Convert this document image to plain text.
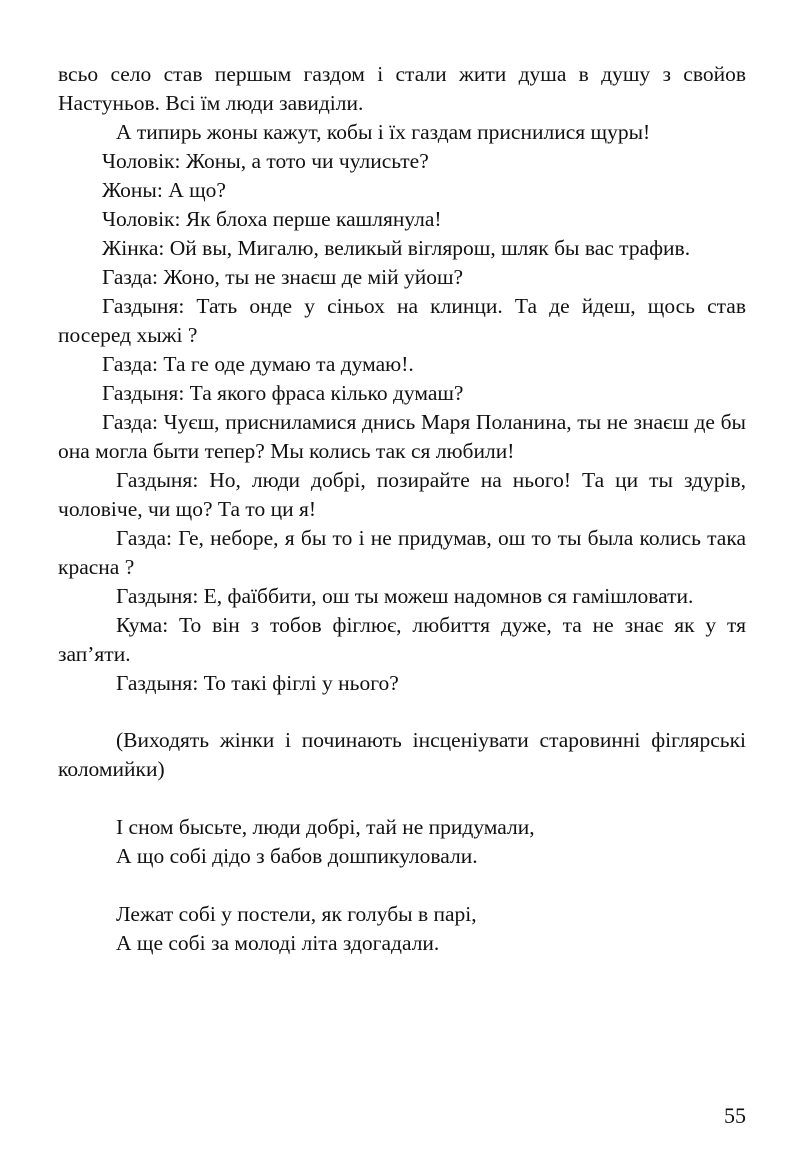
всьо село став першым газдом і стали жити душа в душу з свойов Настуньов. Всі їм люди завиділи.

А типирь жоны кажут, кобы і їх газдам приснилися щуры!

Чоловік: Жоны, а тото чи чулисьте?

Жоны: А що?

Чоловік: Як блоха перше кашлянула!

Жінка: Ой вы, Мигалю, великый віглярош, шляк бы вас трафив.

Газда: Жоно, ты не знаєш де мій уйош?

Газдыня: Тать онде у сіньох на клинци. Та де йдеш, щось став посеред хыжі ?

Газда: Та ге оде думаю та думаю!.

Газдыня: Та якого фраса кілько думаш?

Газда: Чуєш, присниламися днись Маря Поланина, ты не знаєш де бы она могла быти тепер? Мы колись так ся любили!

Газдыня: Но, люди добрі, позирайте на нього! Та ци ты здурів, чоловіче, чи що? Та то ци я!

Газда: Ге, неборе, я бы то і не придумав, ош то ты была колись така красна ?

Газдыня: Е, фаїббити, ош ты можеш надомнов ся гамішловати.

Кума: То він з тобов фіглює, любиття дуже, та не знає як у тя зап’яти.

Газдыня: То такі фіглі у нього?

(Виходять жінки і починають інсценіувати старовинні фіглярські коломийки)

І сном бысьте, люди добрі, тай не придумали,
А що собі дідо з бабов дошпикуловали.
Лежат собі у постели, як голубы в парі,
А ще собі за молоді літа здогадали.
55
